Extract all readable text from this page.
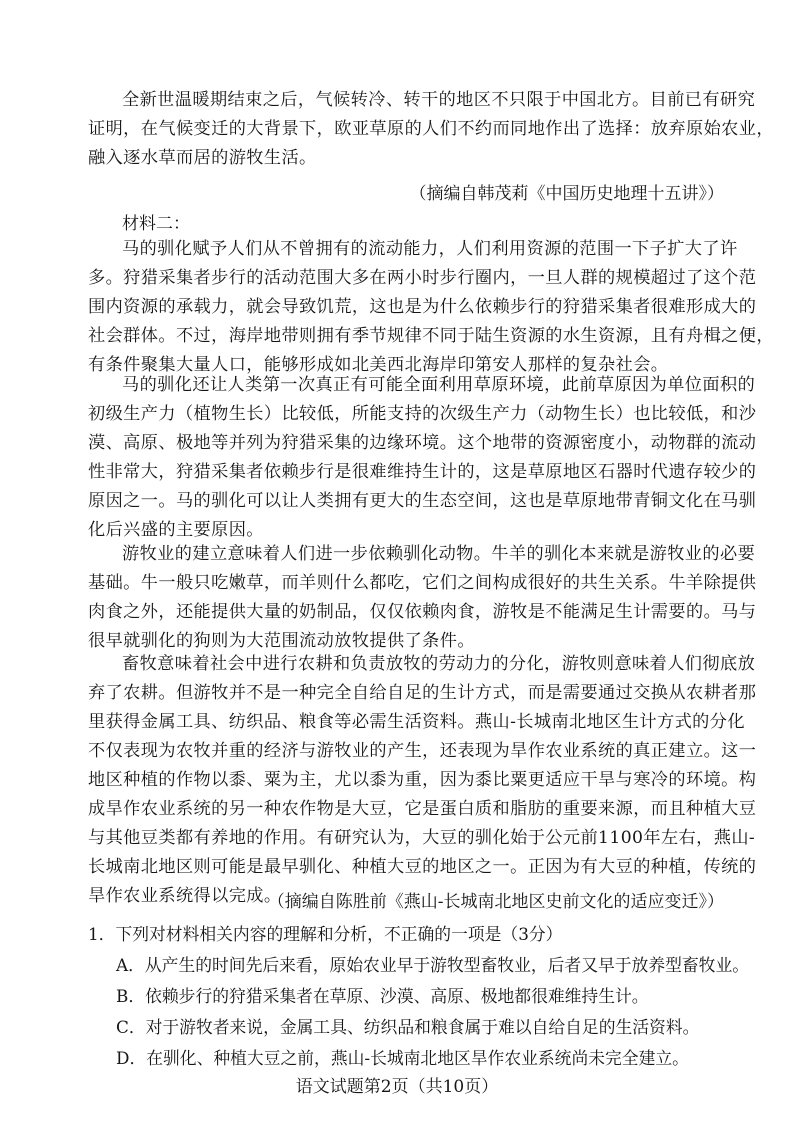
全新世温暖期结束之后，气候转冷、转干的地区不只限于中国北方。目前已有研究
证明，在气候变迁的大背景下，欧亚草原的人们不约而同地作出了选择：放弃原始农业，
融入逐水草而居的游牧生活。
（摘编自韩茂莉《中国历史地理十五讲》）
材料二：
马的驯化赋予人们从不曾拥有的流动能力，人们利用资源的范围一下子扩大了许
多。狩猎采集者步行的活动范围大多在两小时步行圈内，一旦人群的规模超过了这个范
围内资源的承载力，就会导致饥荒，这也是为什么依赖步行的狩猎采集者很难形成大的
社会群体。不过，海岸地带则拥有季节规律不同于陆生资源的水生资源，且有舟楫之便，
有条件聚集大量人口，能够形成如北美西北海岸印第安人那样的复杂社会。
马的驯化还让人类第一次真正有可能全面利用草原环境，此前草原因为单位面积的
初级生产力（植物生长）比较低，所能支持的次级生产力（动物生长）也比较低，和沙
漠、高原、极地等并列为狩猎采集的边缘环境。这个地带的资源密度小，动物群的流动
性非常大，狩猎采集者依赖步行是很难维持生计的，这是草原地区石器时代遗存较少的
原因之一。马的驯化可以让人类拥有更大的生态空间，这也是草原地带青铜文化在马驯
化后兴盛的主要原因。
游牧业的建立意味着人们进一步依赖驯化动物。牛羊的驯化本来就是游牧业的必要
基础。牛一般只吃嫩草，而羊则什么都吃，它们之间构成很好的共生关系。牛羊除提供
肉食之外，还能提供大量的奶制品，仅仅依赖肉食，游牧是不能满足生计需要的。马与
很早就驯化的狗则为大范围流动放牧提供了条件。
畜牧意味着社会中进行农耕和负责放牧的劳动力的分化，游牧则意味着人们彻底放
弃了农耕。但游牧并不是一种完全自给自足的生计方式，而是需要通过交换从农耕者那
里获得金属工具、纺织品、粮食等必需生活资料。燕山-长城南北地区生计方式的分化
不仅表现为农牧并重的经济与游牧业的产生，还表现为旱作农业系统的真正建立。这一
地区种植的作物以黍、粟为主，尤以黍为重，因为黍比粟更适应干旱与寒冷的环境。构
成旱作农业系统的另一种农作物是大豆，它是蛋白质和脂肪的重要来源，而且种植大豆
与其他豆类都有养地的作用。有研究认为，大豆的驯化始于公元前1100年左右，燕山-
长城南北地区则可能是最早驯化、种植大豆的地区之一。正因为有大豆的种植，传统的
旱作农业系统得以完成。
（摘编自陈胜前《燕山-长城南北地区史前文化的适应变迁》）
1．下列对材料相关内容的理解和分析，不正确的一项是（3分）
A．从产生的时间先后来看，原始农业早于游牧型畜牧业，后者又早于放养型畜牧业。
B．依赖步行的狩猎采集者在草原、沙漠、高原、极地都很难维持生计。
C．对于游牧者来说，金属工具、纺织品和粮食属于难以自给自足的生活资料。
D．在驯化、种植大豆之前，燕山-长城南北地区旱作农业系统尚未完全建立。
语文试题第2页（共10页）
